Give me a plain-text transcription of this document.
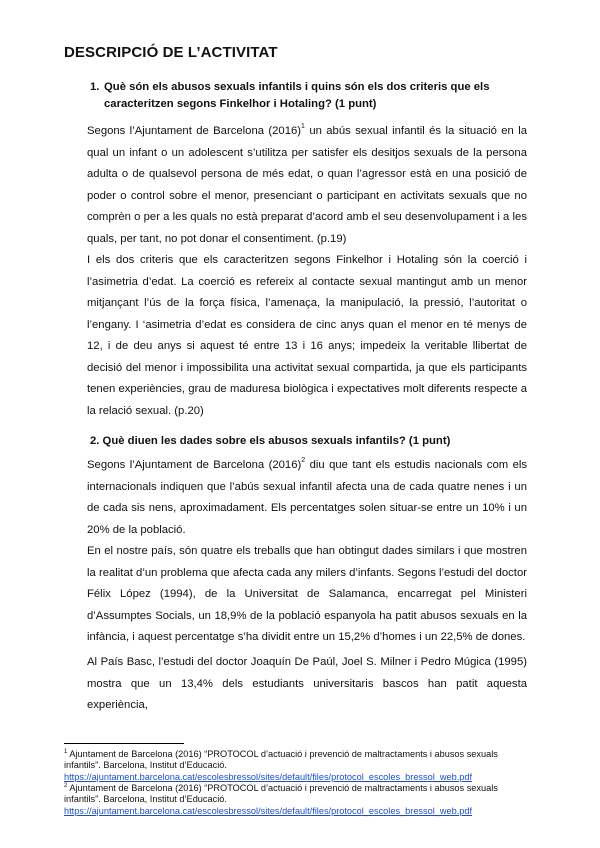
DESCRIPCIÓ DE L’ACTIVITAT
1. Què són els abusos sexuals infantils i quins són els dos criteris que els
caracteritzen segons Finkelhor i Hotaling? (1 punt)
Segons l’Ajuntament de Barcelona $(2016)^1$ un abús sexual infantil és la situació en la qual un infant o un adolescent s’utilitza per satisfer els desitjos sexuals de la persona adulta o de qualsevol persona de més edat, o quan l’agressor està en una posició de poder o control sobre el menor, presenciant o participant en activitats sexuals que no comprèn o per a les quals no està preparat d’acord amb el seu desenvolupament i a les quals, per tant, no pot donar el consentiment. (p.19)
I els dos criteris que els caracteritzen segons Finkelhor i Hotaling són la coerció i l’asimetria d’edat. La coerció es refereix al contacte sexual mantingut amb un menor mitjançant l’ús de la força física, l’amenaça, la manipulació, la pressió, l’autoritat o l’engany. I ‘asimetria d’edat es considera de cinc anys quan el menor en té menys de 12, i de deu anys si aquest té entre 13 i 16 anys; impedeix la veritable llibertat de decisió del menor i impossibilita una activitat sexual compartida, ja que els participants tenen experiències, grau de maduresa biològica i expectatives molt diferents respecte a la relació sexual. (p.20)
2. Què diuen les dades sobre els abusos sexuals infantils? (1 punt)
Segons l’Ajuntament de Barcelona $(2016)^2$ diu que tant els estudis nacionals com els internacionals indiquen que l’abús sexual infantil afecta una de cada quatre nenes i un de cada sis nens, aproximadament. Els percentatges solen situar-se entre un 10% i un 20% de la població.
En el nostre país, són quatre els treballs que han obtingut dades similars i que mostren la realitat d’un problema que afecta cada any milers d’infants. Segons l’estudi del doctor Félix López (1994), de la Universitat de Salamanca, encarregat pel Ministeri d’Assumptes Socials, un 18,9% de la població espanyola ha patit abusos sexuals en la infància, i aquest percentatge s’ha dividit entre un 15,2% d’homes i un 22,5% de dones.
Al País Basc, l’estudi del doctor Joaquín De Paúl, Joel S. Milner i Pedro Múgica (1995) mostra que un 13,4% dels estudiants universitaris bascos han patit aquesta experiència,
$^1$ Ajuntament de Barcelona (2016) “PROTOCOL d’actuació i prevenció de maltractaments i abusos sexuals infantils”. Barcelona, Institut d’Educació.
https://ajuntament.barcelona.cat/escolesbressol/sites/default/files/protocol_escoles_bressol_web.pdf
$^2$ Ajuntament de Barcelona (2016) “PROTOCOL d’actuació i prevenció de maltractaments i abusos sexuals infantils”. Barcelona, Institut d’Educació.
https://ajuntament.barcelona.cat/escolesbressol/sites/default/files/protocol_escoles_bressol_web.pdf
